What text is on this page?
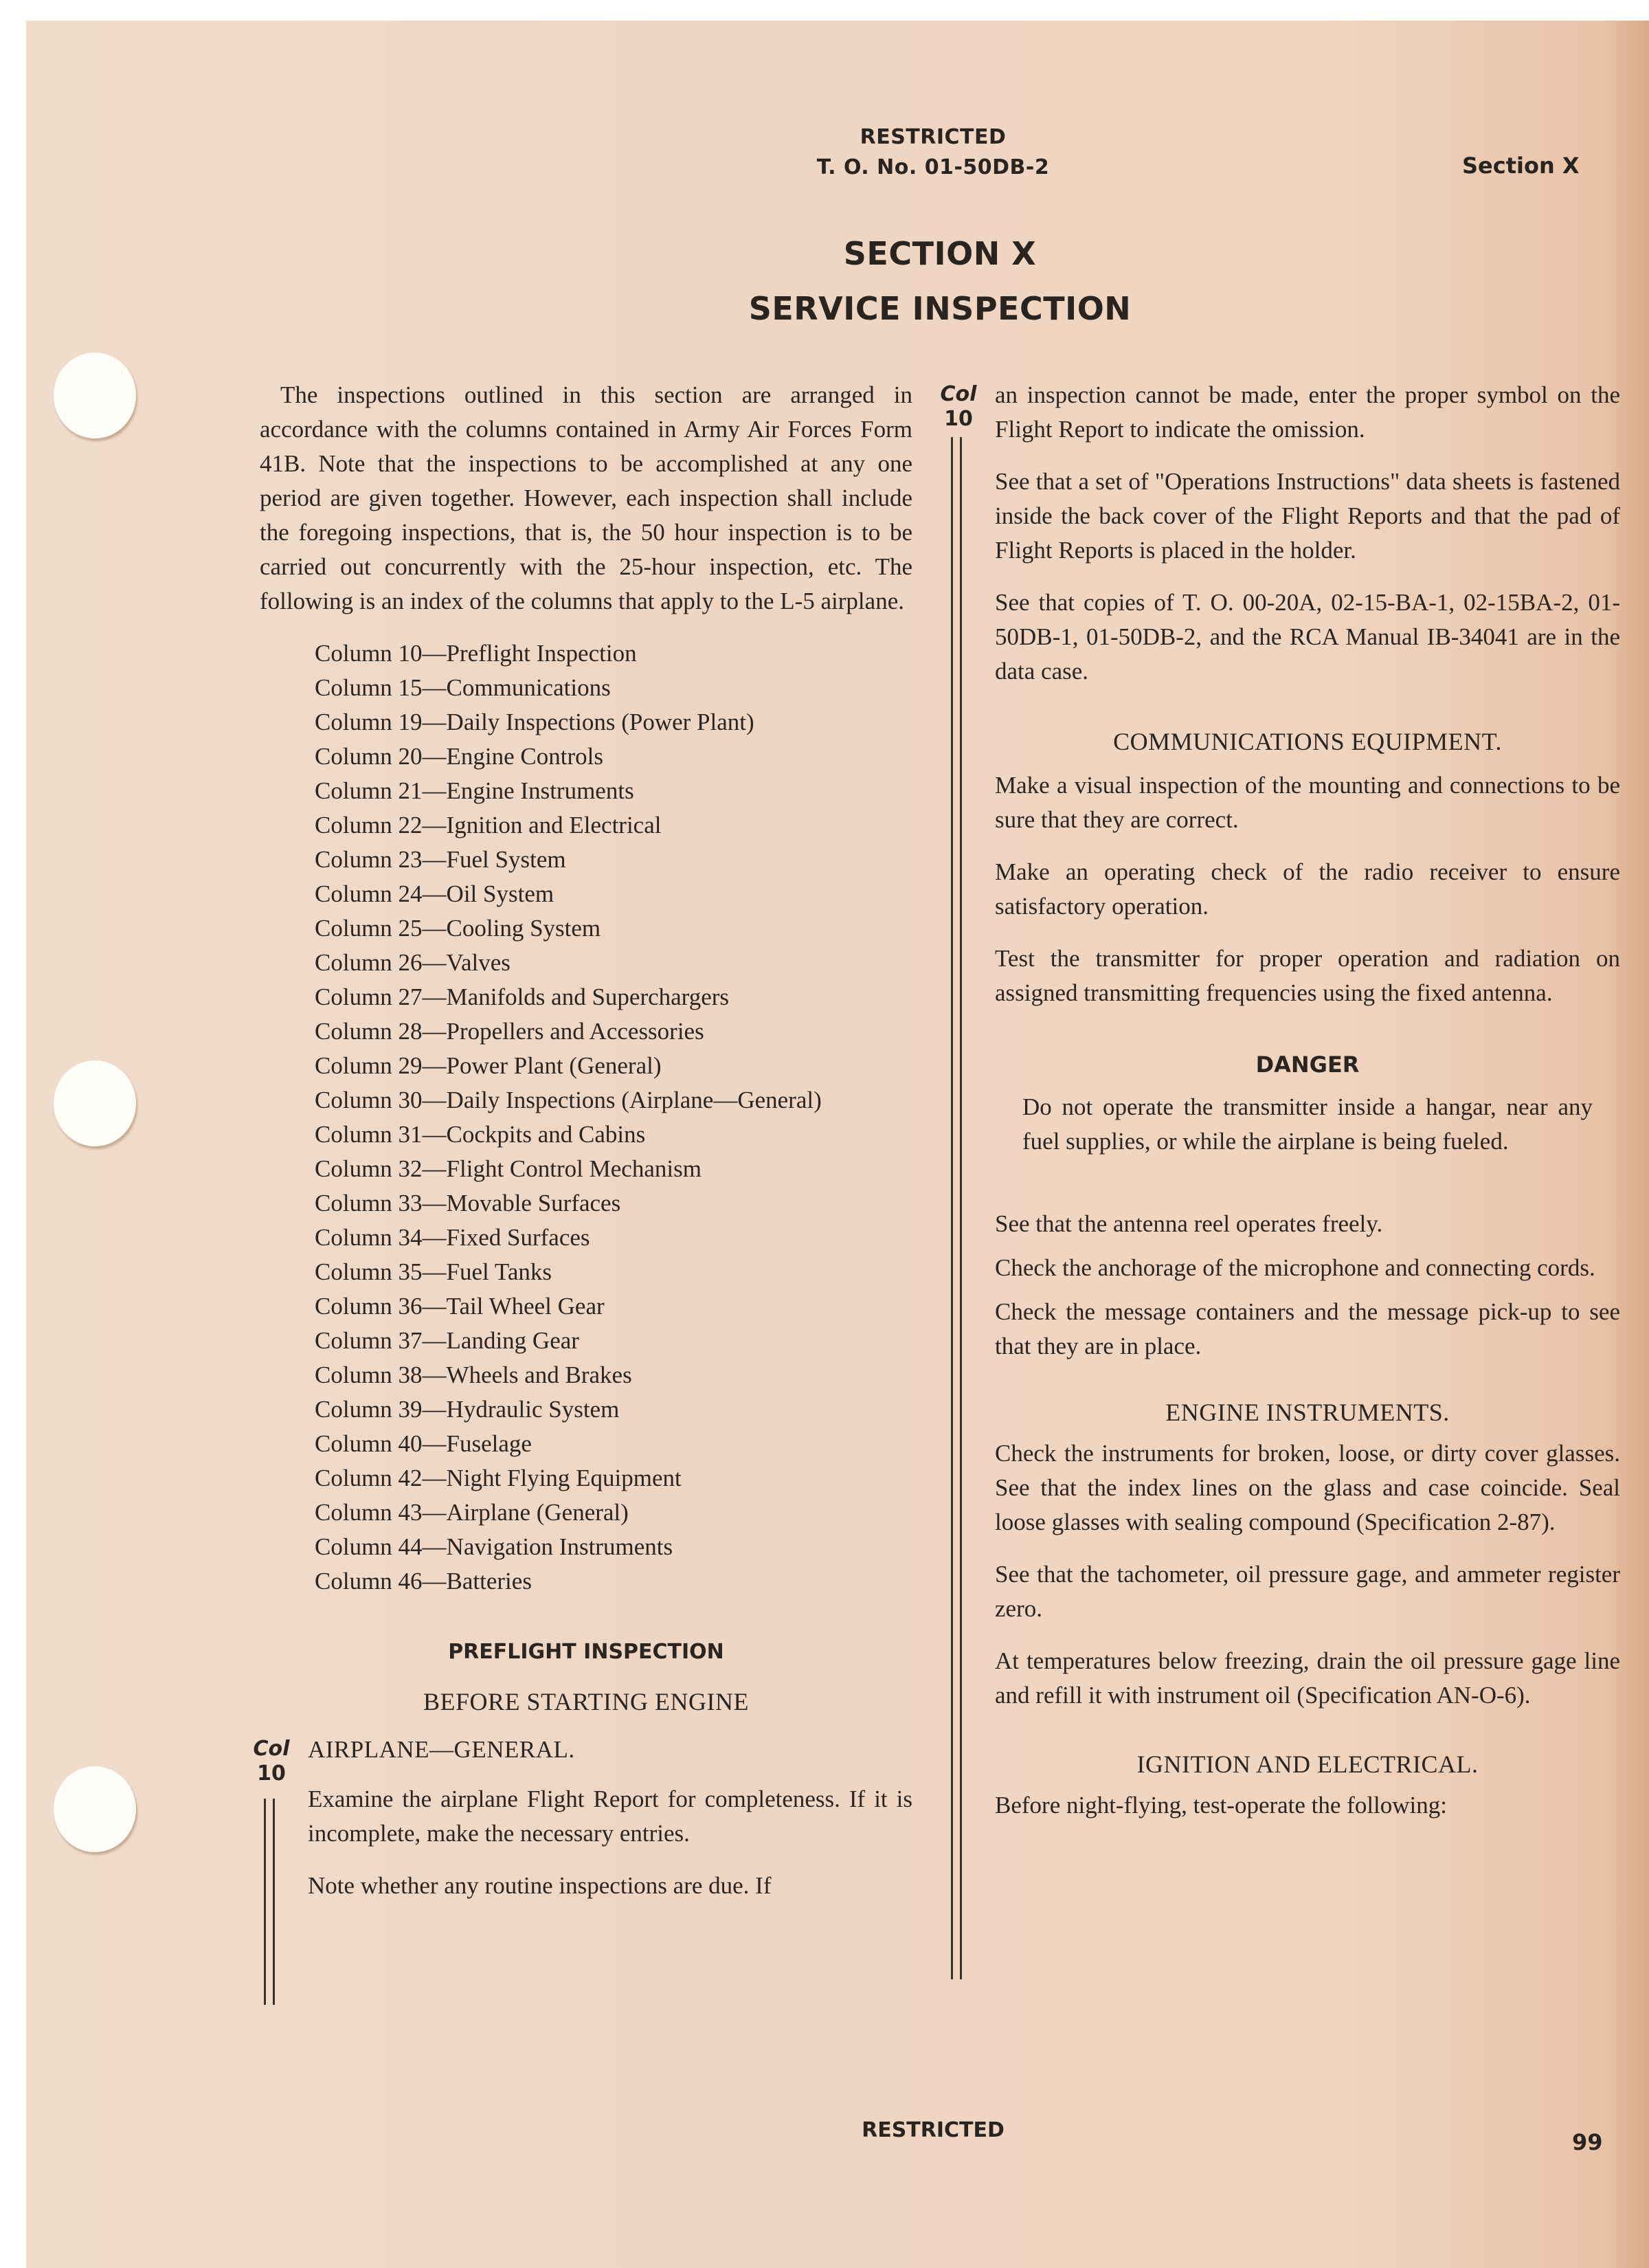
RESTRICTED
T. O. No. 01-50DB-2	Section X
SECTION X
SERVICE INSPECTION

The inspections outlined in this section are arranged in accordance with the columns contained in Army Air Forces Form 41B. Note that the inspections to be accomplished at any one period are given together. However, each inspection shall include the foregoing inspections, that is, the 50 hour inspection is to be carried out concurrently with the 25-hour inspection, etc. The following is an index of the columns that apply to the L-5 airplane.

Column 10—Preflight Inspection
Column 15—Communications
Column 19—Daily Inspections (Power Plant)
Column 20—Engine Controls
Column 21—Engine Instruments
Column 22—Ignition and Electrical
Column 23—Fuel System
Column 24—Oil System
Column 25—Cooling System
Column 26—Valves
Column 27—Manifolds and Superchargers
Column 28—Propellers and Accessories
Column 29—Power Plant (General)
Column 30—Daily Inspections (Airplane—General)
Column 31—Cockpits and Cabins
Column 32—Flight Control Mechanism
Column 33—Movable Surfaces
Column 34—Fixed Surfaces
Column 35—Fuel Tanks
Column 36—Tail Wheel Gear
Column 37—Landing Gear
Column 38—Wheels and Brakes
Column 39—Hydraulic System
Column 40—Fuselage
Column 42—Night Flying Equipment
Column 43—Airplane (General)
Column 44—Navigation Instruments
Column 46—Batteries
PREFLIGHT INSPECTION
BEFORE STARTING ENGINE
Col
10

AIRPLANE—GENERAL.

Examine the airplane Flight Report for completeness. If it is incomplete, make the necessary entries.

Note whether any routine inspections are due. If

Col
10

an inspection cannot be made, enter the proper symbol on the Flight Report to indicate the omission.

See that a set of "Operations Instructions" data sheets is fastened inside the back cover of the Flight Reports and that the pad of Flight Reports is placed in the holder.

See that copies of T. O. 00-20A, 02-15-BA-1, 02-15BA-2, 01-50DB-1, 01-50DB-2, and the RCA Manual IB-34041 are in the data case.

COMMUNICATIONS EQUIPMENT.

Make a visual inspection of the mounting and connections to be sure that they are correct.

Make an operating check of the radio receiver to ensure satisfactory operation.

Test the transmitter for proper operation and radiation on assigned transmitting frequencies using the fixed antenna.

DANGER

Do not operate the transmitter inside a hangar, near any fuel supplies, or while the airplane is being fueled.

See that the antenna reel operates freely.

Check the anchorage of the microphone and connecting cords.

Check the message containers and the message pick-up to see that they are in place.

ENGINE INSTRUMENTS.

Check the instruments for broken, loose, or dirty cover glasses. See that the index lines on the glass and case coincide. Seal loose glasses with sealing compound (Specification 2-87).

See that the tachometer, oil pressure gage, and ammeter register zero.

At temperatures below freezing, drain the oil pressure gage line and refill it with instrument oil (Specification AN-O-6).

IGNITION AND ELECTRICAL.

Before night-flying, test-operate the following:

RESTRICTED	99
